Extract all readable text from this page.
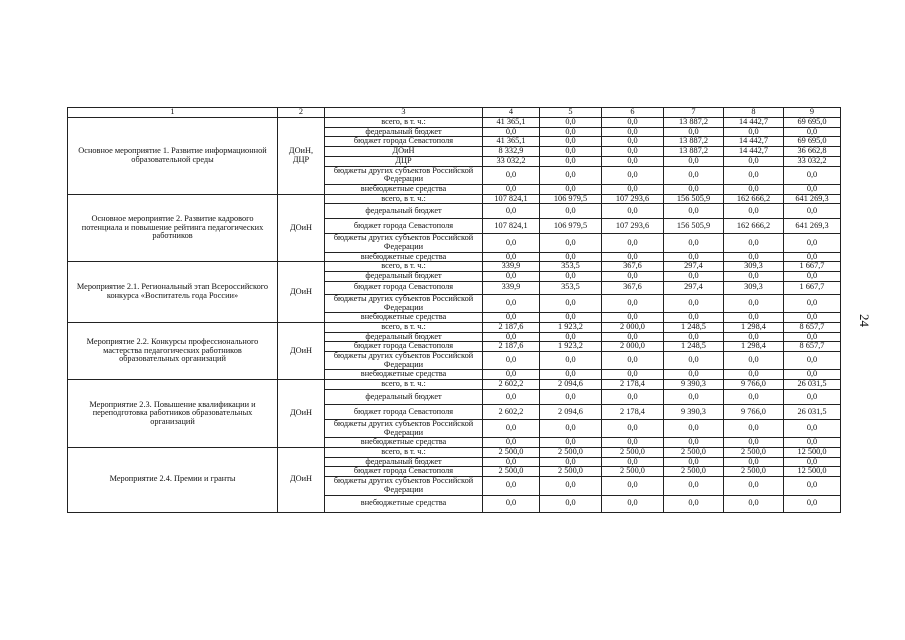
1	2	3	4	5	6	7	8	9
Основное мероприятие 1. Развитие информационной образовательной среды	ДОиН, ДЦР	всего, в т. ч.:	41 365,1	0,0	0,0	13 887,2	14 442,7	69 695,0
		федеральный бюджет	0,0	0,0	0,0	0,0	0,0	0,0
		бюджет города Севастополя	41 365,1	0,0	0,0	13 887,2	14 442,7	69 695,0
		ДОиН	8 332,9	0,0	0,0	13 887,2	14 442,7	36 662,8
		ДЦР	33 032,2	0,0	0,0	0,0	0,0	33 032,2
		бюджеты других субъектов Российской Федерации	0,0	0,0	0,0	0,0	0,0	0,0
		внебюджетные средства	0,0	0,0	0,0	0,0	0,0	0,0
Основное мероприятие 2. Развитие кадрового потенциала и повышение рейтинга педагогических работников	ДОиН	всего, в т. ч.:	107 824,1	106 979,5	107 293,6	156 505,9	162 666,2	641 269,3
		федеральный бюджет	0,0	0,0	0,0	0,0	0,0	0,0
		бюджет города Севастополя	107 824,1	106 979,5	107 293,6	156 505,9	162 666,2	641 269,3
		бюджеты других субъектов Российской Федерации	0,0	0,0	0,0	0,0	0,0	0,0
		внебюджетные средства	0,0	0,0	0,0	0,0	0,0	0,0
Мероприятие 2.1. Региональный этап Всероссийского конкурса «Воспитатель года России»	ДОиН	всего, в т. ч.:	339,9	353,5	367,6	297,4	309,3	1 667,7
		федеральный бюджет	0,0	0,0	0,0	0,0	0,0	0,0
		бюджет города Севастополя	339,9	353,5	367,6	297,4	309,3	1 667,7
		бюджеты других субъектов Российской Федерации	0,0	0,0	0,0	0,0	0,0	0,0
		внебюджетные средства	0,0	0,0	0,0	0,0	0,0	0,0
Мероприятие 2.2. Конкурсы профессионального мастерства педагогических работников образовательных организаций	ДОиН	всего, в т. ч.:	2 187,6	1 923,2	2 000,0	1 248,5	1 298,4	8 657,7
		федеральный бюджет	0,0	0,0	0,0	0,0	0,0	0,0
		бюджет города Севастополя	2 187,6	1 923,2	2 000,0	1 248,5	1 298,4	8 657,7
		бюджеты других субъектов Российской Федерации	0,0	0,0	0,0	0,0	0,0	0,0
		внебюджетные средства	0,0	0,0	0,0	0,0	0,0	0,0
Мероприятие 2.3. Повышение квалификации и переподготовка работников образовательных организаций	ДОиН	всего, в т. ч.:	2 602,2	2 094,6	2 178,4	9 390,3	9 766,0	26 031,5
		федеральный бюджет	0,0	0,0	0,0	0,0	0,0	0,0
		бюджет города Севастополя	2 602,2	2 094,6	2 178,4	9 390,3	9 766,0	26 031,5
		бюджеты других субъектов Российской Федерации	0,0	0,0	0,0	0,0	0,0	0,0
		внебюджетные средства	0,0	0,0	0,0	0,0	0,0	0,0
Мероприятие 2.4. Премии и гранты	ДОиН	всего, в т. ч.:	2 500,0	2 500,0	2 500,0	2 500,0	2 500,0	12 500,0
		федеральный бюджет	0,0	0,0	0,0	0,0	0,0	0,0
		бюджет города Севастополя	2 500,0	2 500,0	2 500,0	2 500,0	2 500,0	12 500,0
		бюджеты других субъектов Российской Федерации	0,0	0,0	0,0	0,0	0,0	0,0
		внебюджетные средства	0,0	0,0	0,0	0,0	0,0	0,0
24
